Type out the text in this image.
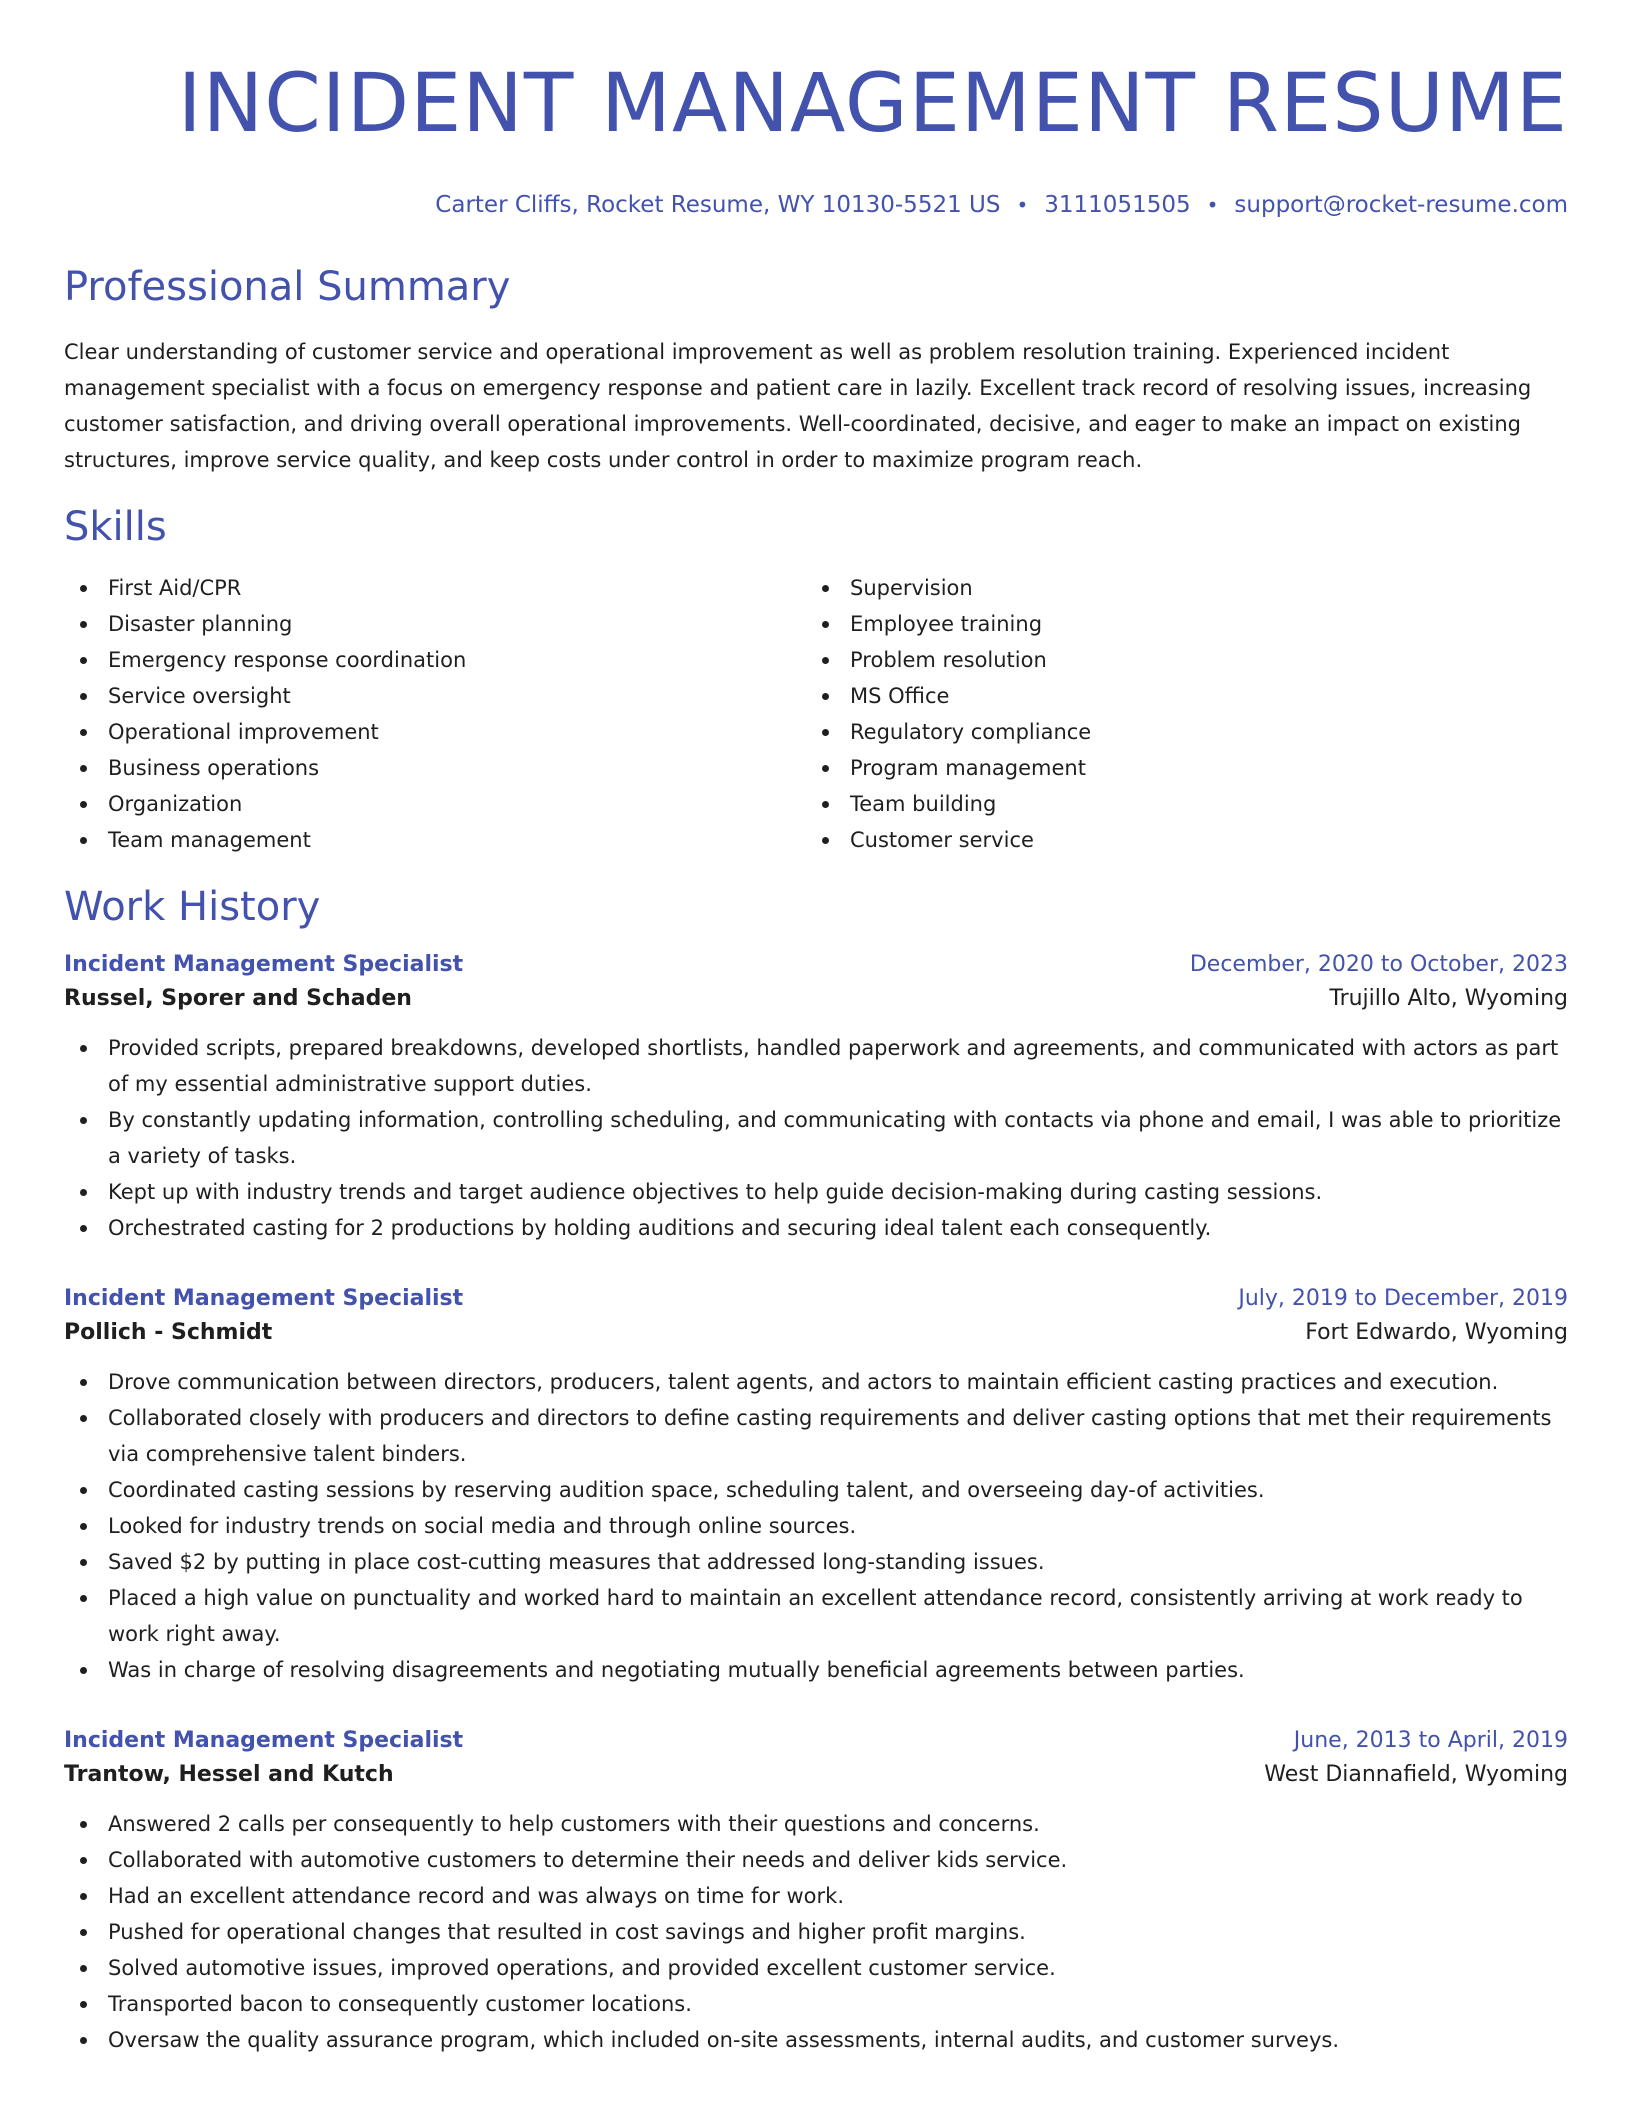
INCIDENT MANAGEMENT RESUME
Carter Cliffs, Rocket Resume, WY 10130-5521 US • 3111051505 • support@rocket-resume.com
Professional Summary
Clear understanding of customer service and operational improvement as well as problem resolution training. Experienced incident management specialist with a focus on emergency response and patient care in lazily. Excellent track record of resolving issues, increasing customer satisfaction, and driving overall operational improvements. Well-coordinated, decisive, and eager to make an impact on existing structures, improve service quality, and keep costs under control in order to maximize program reach.
Skills
First Aid/CPR
Disaster planning
Emergency response coordination
Service oversight
Operational improvement
Business operations
Organization
Team management
Supervision
Employee training
Problem resolution
MS Office
Regulatory compliance
Program management
Team building
Customer service
Work History
Incident Management Specialist	December, 2020 to October, 2023
Russel, Sporer and Schaden	Trujillo Alto, Wyoming
Provided scripts, prepared breakdowns, developed shortlists, handled paperwork and agreements, and communicated with actors as part of my essential administrative support duties.
By constantly updating information, controlling scheduling, and communicating with contacts via phone and email, I was able to prioritize a variety of tasks.
Kept up with industry trends and target audience objectives to help guide decision-making during casting sessions.
Orchestrated casting for 2 productions by holding auditions and securing ideal talent each consequently.
Incident Management Specialist	July, 2019 to December, 2019
Pollich - Schmidt	Fort Edwardo, Wyoming
Drove communication between directors, producers, talent agents, and actors to maintain efficient casting practices and execution.
Collaborated closely with producers and directors to define casting requirements and deliver casting options that met their requirements via comprehensive talent binders.
Coordinated casting sessions by reserving audition space, scheduling talent, and overseeing day-of activities.
Looked for industry trends on social media and through online sources.
Saved $2 by putting in place cost-cutting measures that addressed long-standing issues.
Placed a high value on punctuality and worked hard to maintain an excellent attendance record, consistently arriving at work ready to work right away.
Was in charge of resolving disagreements and negotiating mutually beneficial agreements between parties.
Incident Management Specialist	June, 2013 to April, 2019
Trantow, Hessel and Kutch	West Diannafield, Wyoming
Answered 2 calls per consequently to help customers with their questions and concerns.
Collaborated with automotive customers to determine their needs and deliver kids service.
Had an excellent attendance record and was always on time for work.
Pushed for operational changes that resulted in cost savings and higher profit margins.
Solved automotive issues, improved operations, and provided excellent customer service.
Transported bacon to consequently customer locations.
Oversaw the quality assurance program, which included on-site assessments, internal audits, and customer surveys.
